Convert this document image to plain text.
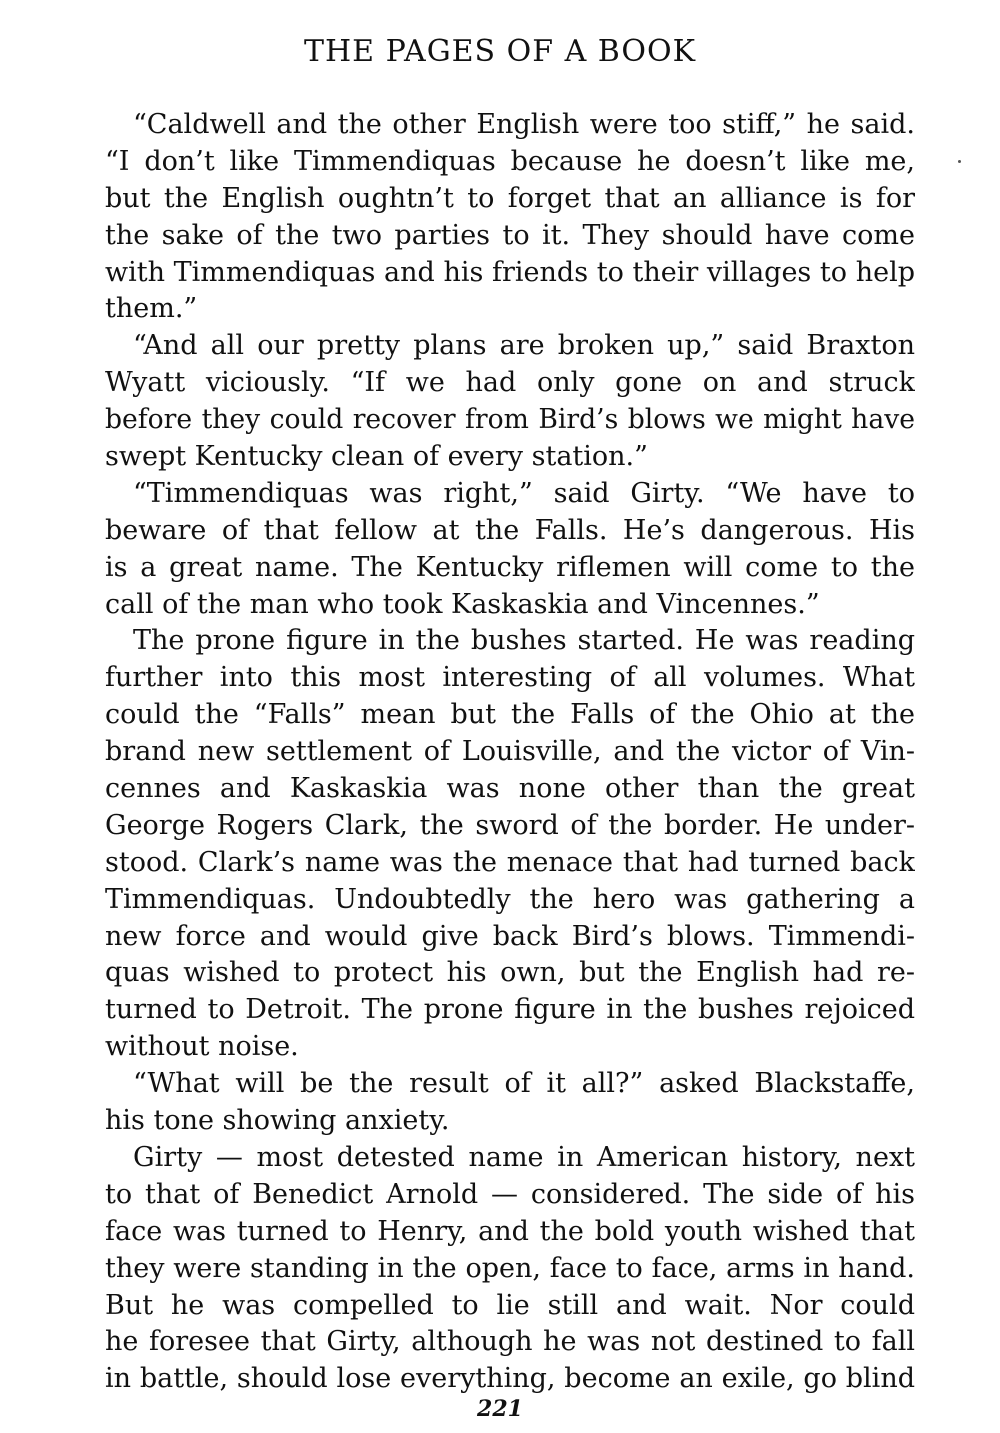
THE PAGES OF A BOOK
“Caldwell and the other English were too stiff,” he said.
“I don’t like Timmendiquas because he doesn’t like me,
but the English oughtn’t to forget that an alliance is for
the sake of the two parties to it. They should have come
with Timmendiquas and his friends to their villages to help
them.”
“And all our pretty plans are broken up,” said Braxton
Wyatt viciously. “If we had only gone on and struck
before they could recover from Bird’s blows we might have
swept Kentucky clean of every station.”
“Timmendiquas was right,” said Girty. “We have to
beware of that fellow at the Falls. He’s dangerous. His
is a great name. The Kentucky riflemen will come to the
call of the man who took Kaskaskia and Vincennes.”
The prone figure in the bushes started. He was reading
further into this most interesting of all volumes. What
could the “Falls” mean but the Falls of the Ohio at the
brand new settlement of Louisville, and the victor of Vin-
cennes and Kaskaskia was none other than the great
George Rogers Clark, the sword of the border. He under-
stood. Clark’s name was the menace that had turned back
Timmendiquas. Undoubtedly the hero was gathering a
new force and would give back Bird’s blows. Timmendi-
quas wished to protect his own, but the English had re-
turned to Detroit. The prone figure in the bushes rejoiced
without noise.
“What will be the result of it all?” asked Blackstaffe,
his tone showing anxiety.
Girty — most detested name in American history, next
to that of Benedict Arnold — considered. The side of his
face was turned to Henry, and the bold youth wished that
they were standing in the open, face to face, arms in hand.
But he was compelled to lie still and wait. Nor could
he foresee that Girty, although he was not destined to fall
in battle, should lose everything, become an exile, go blind
221
